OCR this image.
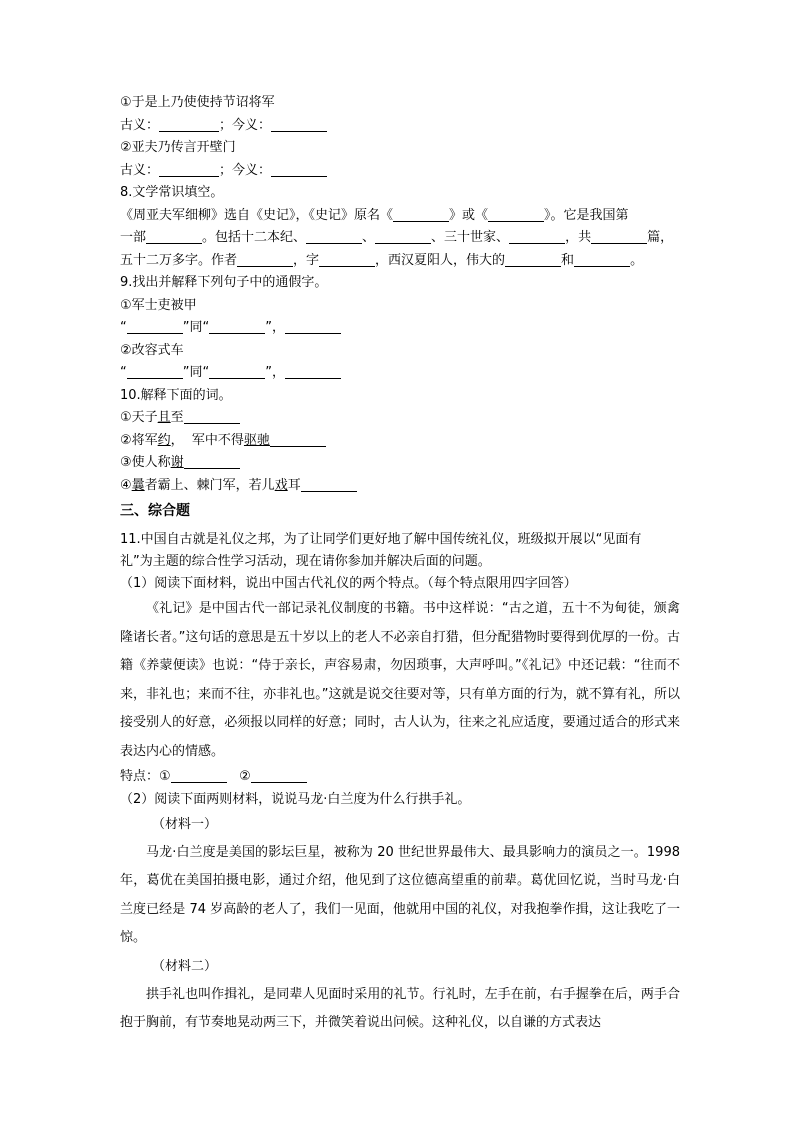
①于是上乃使使持节诏将军
古义：	；今义：
②亚夫乃传言开壁门
古义：	；今义：
8.文学常识填空。
《周亚夫军细柳》选自《史记》，《史记》原名《	》或《	》。它是我国第
一部	。包括十二本纪、	、	、三十世家、	，共	篇，
五十二万多字。作者	，字	，西汉夏阳人，伟大的	和	。
9.找出并解释下列句子中的通假字。
①军士吏被甲
“	”同“	”，
②改容式车
“	”同“	”，
10.解释下面的词。
①天子且至
②将军约，  军中不得驱驰
③使人称谢
④曩者霸上、棘门军，若儿戏耳
三、综合题
11.中国自古就是礼仪之邦，为了让同学们更好地了解中国传统礼仪，班级拟开展以“见面有
礼”为主题的综合性学习活动，现在请你参加并解决后面的问题。
（1）阅读下面材料，说出中国古代礼仪的两个特点。（每个特点限用四字回答）
《礼记》是中国古代一部记录礼仪制度的书籍。书中这样说：“古之道，五十不为甸徒，颁禽隆诸长者。”这句话的意思是五十岁以上的老人不必亲自打猎，但分配猎物时要得到优厚的一份。古籍《养蒙便读》也说：“侍于亲长，声容易肃，勿因琐事，大声呼叫。”《礼记》中还记载：“往而不来，非礼也；来而不往，亦非礼也。”这就是说交往要对等，只有单方面的行为，就不算有礼，所以接受别人的好意，必须报以同样的好意；同时，古人认为，往来之礼应适度，要通过适合的形式来表达内心的情感。
特点：①	②
（2）阅读下面两则材料，说说马龙·白兰度为什么行拱手礼。
（材料一）
马龙·白兰度是美国的影坛巨星，被称为 20 世纪世界最伟大、最具影响力的演员之一。1998 年，葛优在美国拍摄电影，通过介绍，他见到了这位德高望重的前辈。葛优回忆说，当时马龙·白兰度已经是 74 岁高龄的老人了，我们一见面，他就用中国的礼仪，对我抱拳作揖，这让我吃了一惊。
（材料二）
拱手礼也叫作揖礼，是同辈人见面时采用的礼节。行礼时，左手在前，右手握拳在后，两手合抱于胸前，有节奏地晃动两三下，并微笑着说出问候。这种礼仪，以自谦的方式表达
